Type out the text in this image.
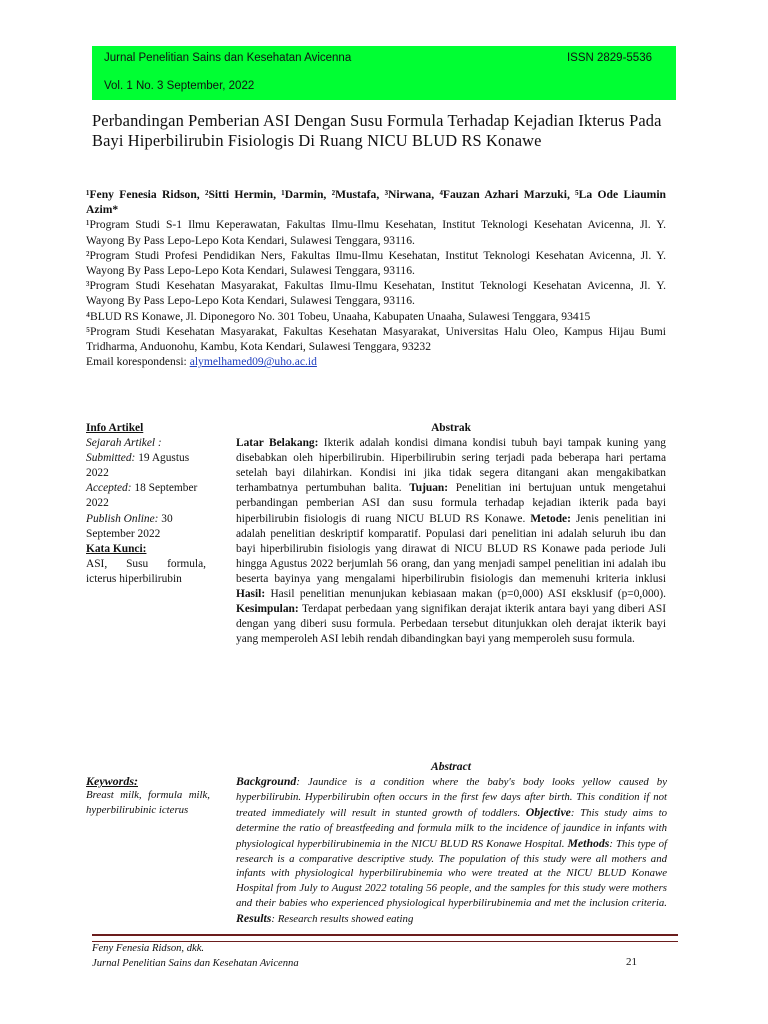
Jurnal Penelitian Sains dan Kesehatan Avicenna	ISSN 2829-5536
Vol. 1 No. 3 September, 2022
Perbandingan Pemberian ASI Dengan Susu Formula Terhadap Kejadian Ikterus Pada Bayi Hiperbilirubin Fisiologis Di Ruang NICU BLUD RS Konawe

¹Feny Fenesia Ridson, ²Sitti Hermin, ¹Darmin, ²Mustafa, ³Nirwana, ⁴Fauzan Azhari Marzuki, ⁵La Ode Liaumin Azim*

¹Program Studi S-1 Ilmu Keperawatan, Fakultas Ilmu-Ilmu Kesehatan, Institut Teknologi Kesehatan Avicenna, Jl. Y. Wayong By Pass Lepo-Lepo Kota Kendari, Sulawesi Tenggara, 93116.

²Program Studi Profesi Pendidikan Ners, Fakultas Ilmu-Ilmu Kesehatan, Institut Teknologi Kesehatan Avicenna, Jl. Y. Wayong By Pass Lepo-Lepo Kota Kendari, Sulawesi Tenggara, 93116.

³Program Studi Kesehatan Masyarakat, Fakultas Ilmu-Ilmu Kesehatan, Institut Teknologi Kesehatan Avicenna, Jl. Y. Wayong By Pass Lepo-Lepo Kota Kendari, Sulawesi Tenggara, 93116.

⁴BLUD RS Konawe, Jl. Diponegoro No. 301 Tobeu, Unaaha, Kabupaten Unaaha, Sulawesi Tenggara, 93415

⁵Program Studi Kesehatan Masyarakat, Fakultas Kesehatan Masyarakat, Universitas Halu Oleo, Kampus Hijau Bumi Tridharma, Anduonohu, Kambu, Kota Kendari, Sulawesi Tenggara, 93232

Email korespondensi: alymelhamed09@uho.ac.id

Info Artikel
Sejarah Artikel :
Submitted: 19 Agustus 2022
Accepted: 18 September 2022
Publish Online: 30 September 2022
Kata Kunci:
ASI, Susu formula, icterus hiperbilirubin
Abstrak

Latar Belakang: Ikterik adalah kondisi dimana kondisi tubuh bayi tampak kuning yang disebabkan oleh hiperbilirubin. Hiperbilirubin sering terjadi pada beberapa hari pertama setelah bayi dilahirkan. Kondisi ini jika tidak segera ditangani akan mengakibatkan terhambatnya pertumbuhan balita. Tujuan: Penelitian ini bertujuan untuk mengetahui perbandingan pemberian ASI dan susu formula terhadap kejadian ikterik pada bayi hiperbilirubin fisiologis di ruang NICU BLUD RS Konawe. Metode: Jenis penelitian ini adalah penelitian deskriptif komparatif. Populasi dari penelitian ini adalah seluruh ibu dan bayi hiperbilirubin fisiologis yang dirawat di NICU BLUD RS Konawe pada periode Juli hingga Agustus 2022 berjumlah 56 orang, dan yang menjadi sampel penelitian ini adalah ibu beserta bayinya yang mengalami hiperbilirubin fisiologis dan memenuhi kriteria inklusi Hasil: Hasil penelitian menunjukan kebiasaan makan (p=0,000) ASI eksklusif (p=0,000). Kesimpulan: Terdapat perbedaan yang signifikan derajat ikterik antara bayi yang diberi ASI dengan yang diberi susu formula. Perbedaan tersebut ditunjukkan oleh derajat ikterik bayi yang memperoleh ASI lebih rendah dibandingkan bayi yang memperoleh susu formula.

Abstract
Keywords:
Breast milk, formula milk, hyperbilirubinic icterus

Background: Jaundice is a condition where the baby's body looks yellow caused by hyperbilirubin. Hyperbilirubin often occurs in the first few days after birth. This condition if not treated immediately will result in stunted growth of toddlers. Objective: This study aims to determine the ratio of breastfeeding and formula milk to the incidence of jaundice in infants with physiological hyperbilirubinemia in the NICU BLUD RS Konawe Hospital. Methods: This type of research is a comparative descriptive study. The population of this study were all mothers and infants with physiological hyperbilirubinemia who were treated at the NICU BLUD Konawe Hospital from July to August 2022 totaling 56 people, and the samples for this study were mothers and their babies who experienced physiological hyperbilirubinemia and met the inclusion criteria. Results: Research results showed eating

Feny Fenesia Ridson, dkk.
Jurnal Penelitian Sains dan Kesehatan Avicenna	21
